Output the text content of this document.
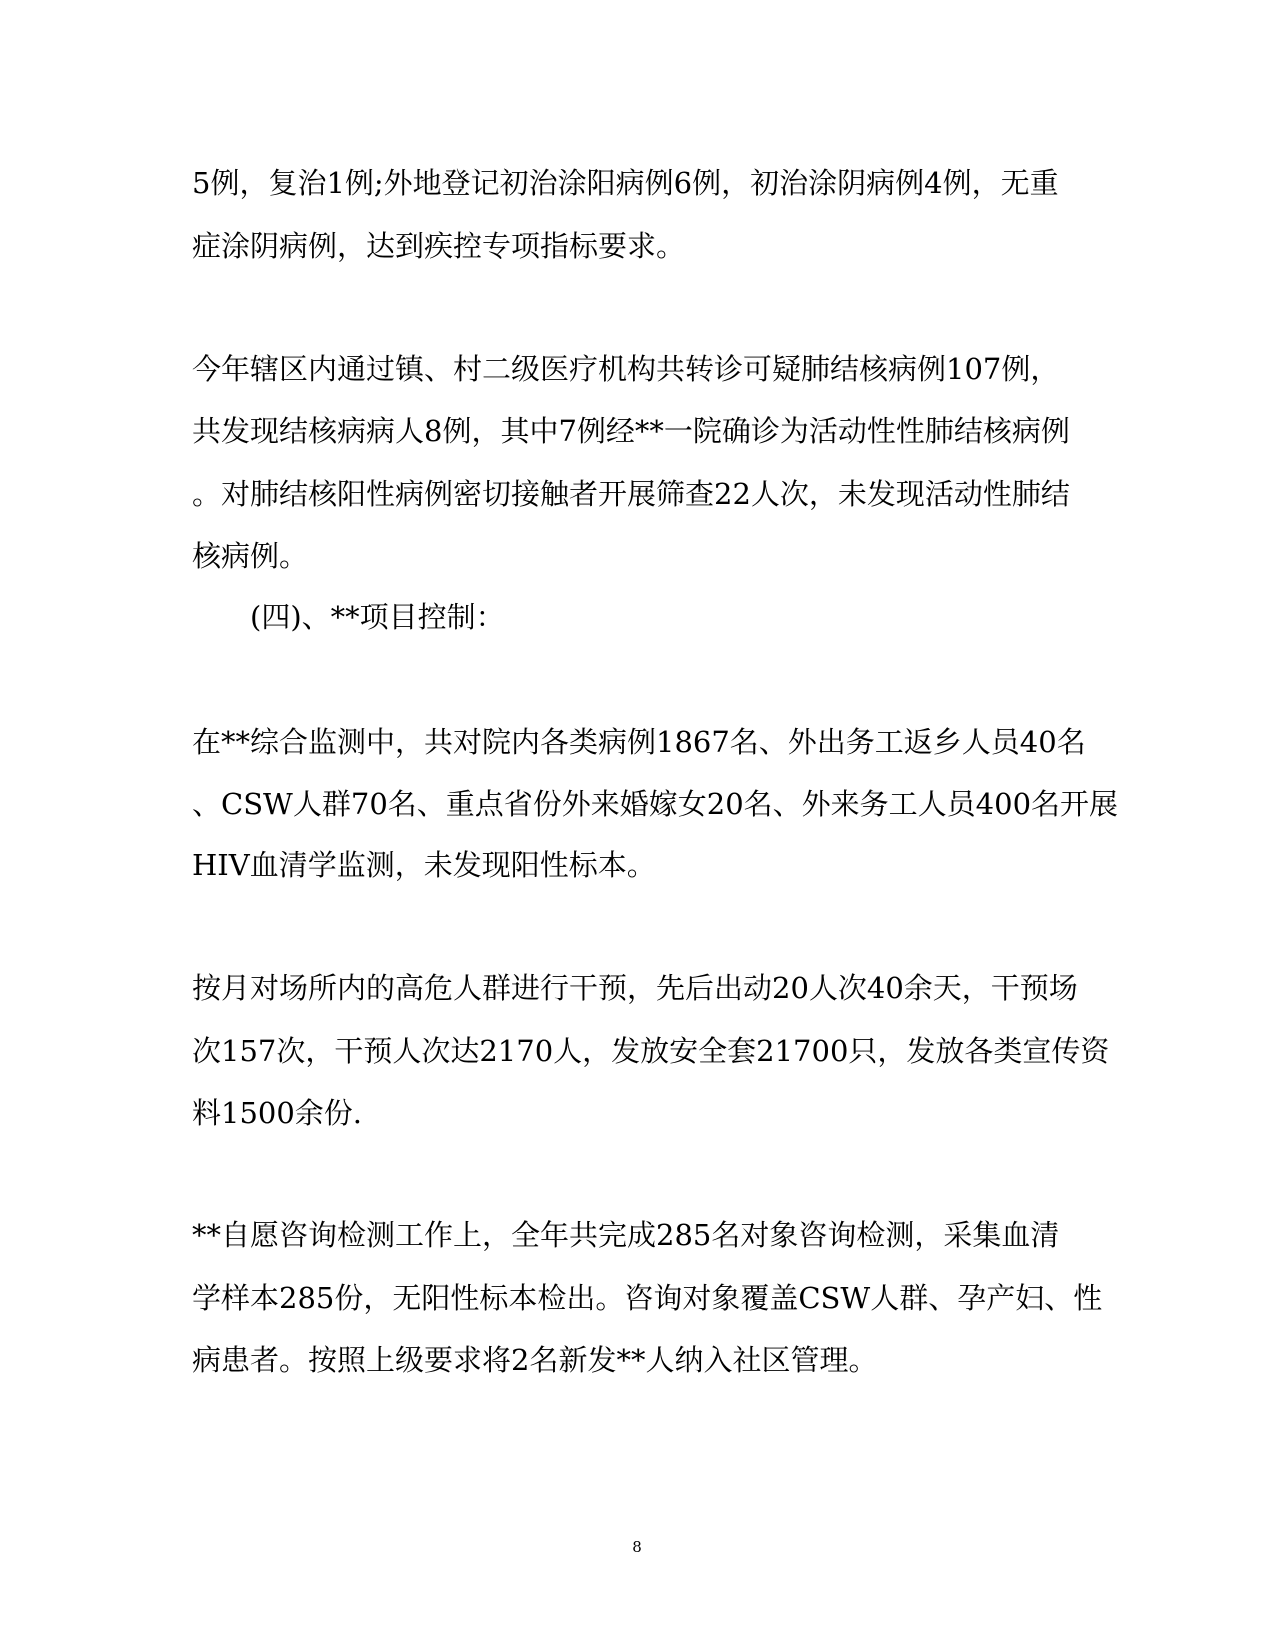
5例，复治1例;外地登记初治涂阳病例6例，初治涂阴病例4例，无重
症涂阴病例，达到疾控专项指标要求。
今年辖区内通过镇、村二级医疗机构共转诊可疑肺结核病例107例，
共发现结核病病人8例，其中7例经**一院确诊为活动性性肺结核病例
。对肺结核阳性病例密切接触者开展筛查22人次，未发现活动性肺结
核病例。
(四)、**项目控制：
在**综合监测中，共对院内各类病例1867名、外出务工返乡人员40名
、CSW人群70名、重点省份外来婚嫁女20名、外来务工人员400名开展
HIV血清学监测，未发现阳性标本。
按月对场所内的高危人群进行干预，先后出动20人次40余天，干预场
次157次，干预人次达2170人，发放安全套21700只，发放各类宣传资
料1500余份.
**自愿咨询检测工作上，全年共完成285名对象咨询检测，采集血清
学样本285份，无阳性标本检出。咨询对象覆盖CSW人群、孕产妇、性
病患者。按照上级要求将2名新发**人纳入社区管理。
8
